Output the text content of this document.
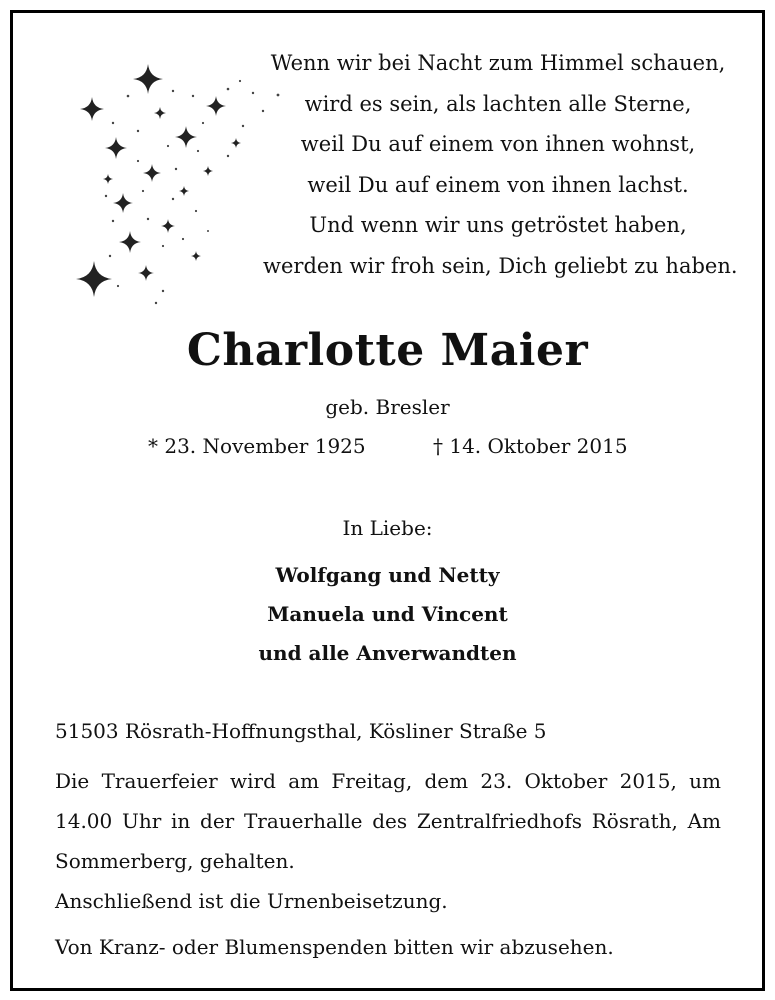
Wenn wir bei Nacht zum Himmel schauen,
wird es sein, als lachten alle Sterne,
weil Du auf einem von ihnen wohnst,
weil Du auf einem von ihnen lachst.
Und wenn wir uns getröstet haben,
werden wir froh sein, Dich geliebt zu haben.
Charlotte Maier
geb. Bresler
* 23. November 1925	† 14. Oktober 2015
In Liebe:
Wolfgang und Netty
Manuela und Vincent
und alle Anverwandten
51503 Rösrath-Hoffnungsthal, Kösliner Straße 5
Die Trauerfeier wird am Freitag, dem 23. Oktober 2015, um 14.00 Uhr in der Trauerhalle des Zentralfriedhofs Rösrath, Am Sommerberg, gehalten.
Anschließend ist die Urnenbeisetzung.
Von Kranz- oder Blumenspenden bitten wir abzusehen.
